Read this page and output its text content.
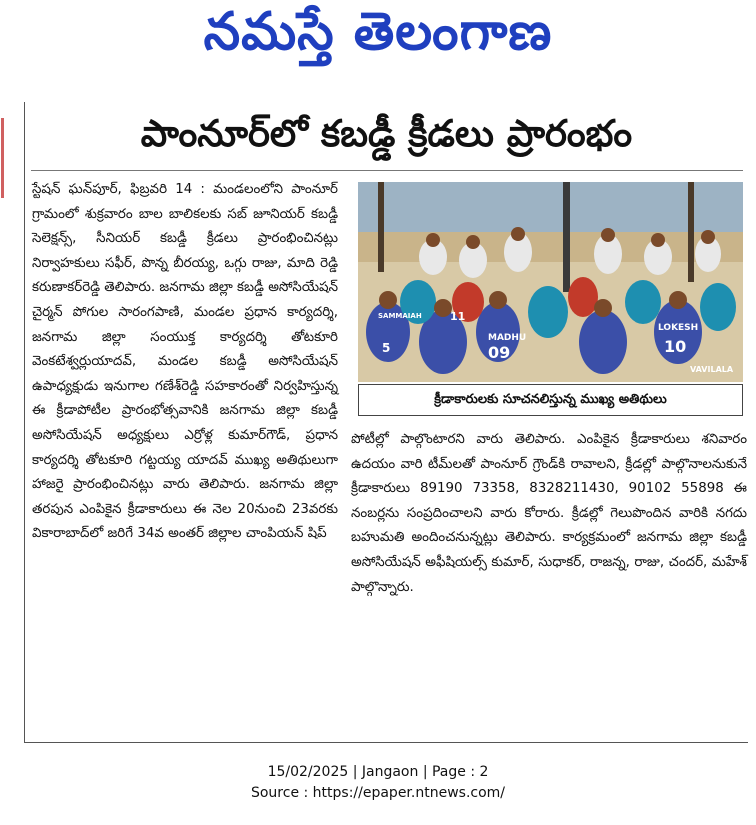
నమస్తే తెలంగాణ
పాంనూర్‌లో కబడ్డీ క్రీడలు ప్రారంభం

స్టేషన్ ఘన్‌పూర్, ఫిబ్రవరి 14 : మండలంలోని పాంనూర్ గ్రామంలో శుక్రవారం బాల బాలికలకు సబ్ జూనియర్ కబడ్డీ సెలెక్షన్స్, సీనియర్ కబడ్డీ క్రీడలు ప్రారంభించినట్లు నిర్వాహకులు సఫీర్, పొన్న బీరయ్య, ఒగ్గు రాజు, మాది రెడ్డి కరుణాకర్‌రెడ్డి తెలిపారు. జనగామ జిల్లా కబడ్డీ అసోసియేషన్ చైర్మన్ పోగుల సారంగపాణి, మండల ప్రధాన కార్యదర్శి, జనగామ జిల్లా సంయుక్త కార్యదర్శి తోటకూరి వెంకటేశ్వర్లుయాదవ్, మండల కబడ్డీ అసోసియేషన్ ఉపాధ్యక్షుడు ఇనుగాల గణేశ్‌రెడ్డి సహకారంతో నిర్వహిస్తున్న ఈ క్రీడాపోటీల ప్రారంభోత్సవానికి జనగామ జిల్లా కబడ్డీ అసోసియేషన్ అధ్యక్షులు ఎర్రోళ్ల కుమార్‌గౌడ్, ప్రధాన కార్యదర్శి తోటకూరి గట్టయ్య యాదవ్ ముఖ్య అతిథులుగా హాజరై ప్రారంభించినట్లు వారు తెలిపారు. జనగామ జిల్లా తరపున ఎంపికైన క్రీడాకారులు ఈ నెల 20నుంచి 23వరకు వికారాబాద్‌లో జరిగే 34వ అంతర్ జిల్లాల చాంపియన్ షిప్

11
MADHU
09
5
LOKESH
10
VAVILALA
SAMMAIAH
క్రీడాకారులకు సూచనలిస్తున్న ముఖ్య అతిథులు

పోటీల్లో పాల్గొంటారని వారు తెలిపారు. ఎంపికైన క్రీడాకారులు శనివారం ఉదయం వారి టీమ్‌లతో పాంనూర్ గ్రౌండ్‌కి రావాలని, క్రీడల్లో పాల్గొనాలనుకునే క్రీడాకారులు 89190 73358, 8328211430, 90102 55898 ఈ నంబర్లను సంప్రదించాలని వారు కోరారు. క్రీడల్లో గెలుపొందిన వారికి నగదు బహుమతి అందించనున్నట్లు తెలిపారు. కార్యక్రమంలో జనగామ జిల్లా కబడ్డీ అసోసియేషన్ అఫీషియల్స్ కుమార్, సుధాకర్, రాజన్న, రాజు, చందర్, మహేశ్ పాల్గొన్నారు.

15/02/2025 | Jangaon | Page : 2
Source : https://epaper.ntnews.com/
